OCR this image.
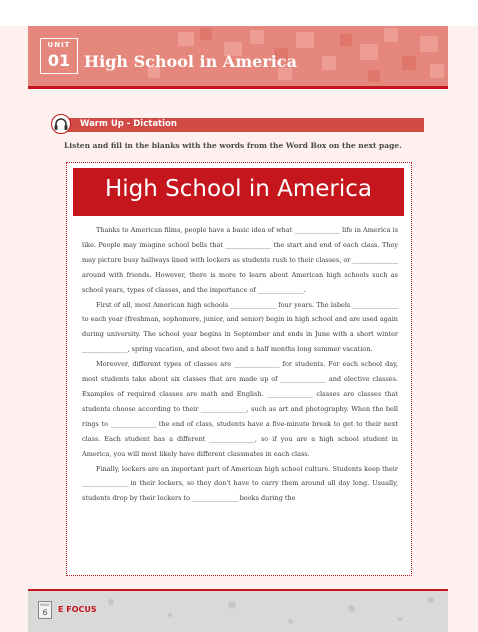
UNIT
01 High School in America
Warm Up - Dictation
Listen and fill in the blanks with the words from the Word Box on the next page.
High School in America

Thanks to American films, people have a basic idea of what ______________ life in America is like. People may imagine school bells that ______________ the start and end of each class. They may picture busy hallways lined with lockers as students rush to their classes, or ______________ around with friends. However, there is more to learn about American high schools such as school years, types of classes, and the importance of ______________.

First of all, most American high schools ______________ four years. The labels ______________ to each year (freshman, sophomore, junior, and senior) begin in high school and are used again during university. The school year begins in September and ends in June with a short winter ______________, spring vacation, and about two and a half months long summer vacation.

Moreover, different types of classes are ______________ for students. For each school day, most students take about six classes that are made up of ______________ and elective classes. Examples of required classes are math and English. ______________ classes are classes that students choose according to their ______________, such as art and photography. When the bell rings to ______________ the end of class, students have a five-minute break to get to their next class. Each student has a different ______________, so if you are a high school student in America, you will most likely have different classmates in each class.

Finally, lockers are an important part of American high school culture. Students keep their ______________ in their lockers, so they don't have to carry them around all day long. Usually, students drop by their lockers to ______________ books during the

PAGE
6	E FOCUS
